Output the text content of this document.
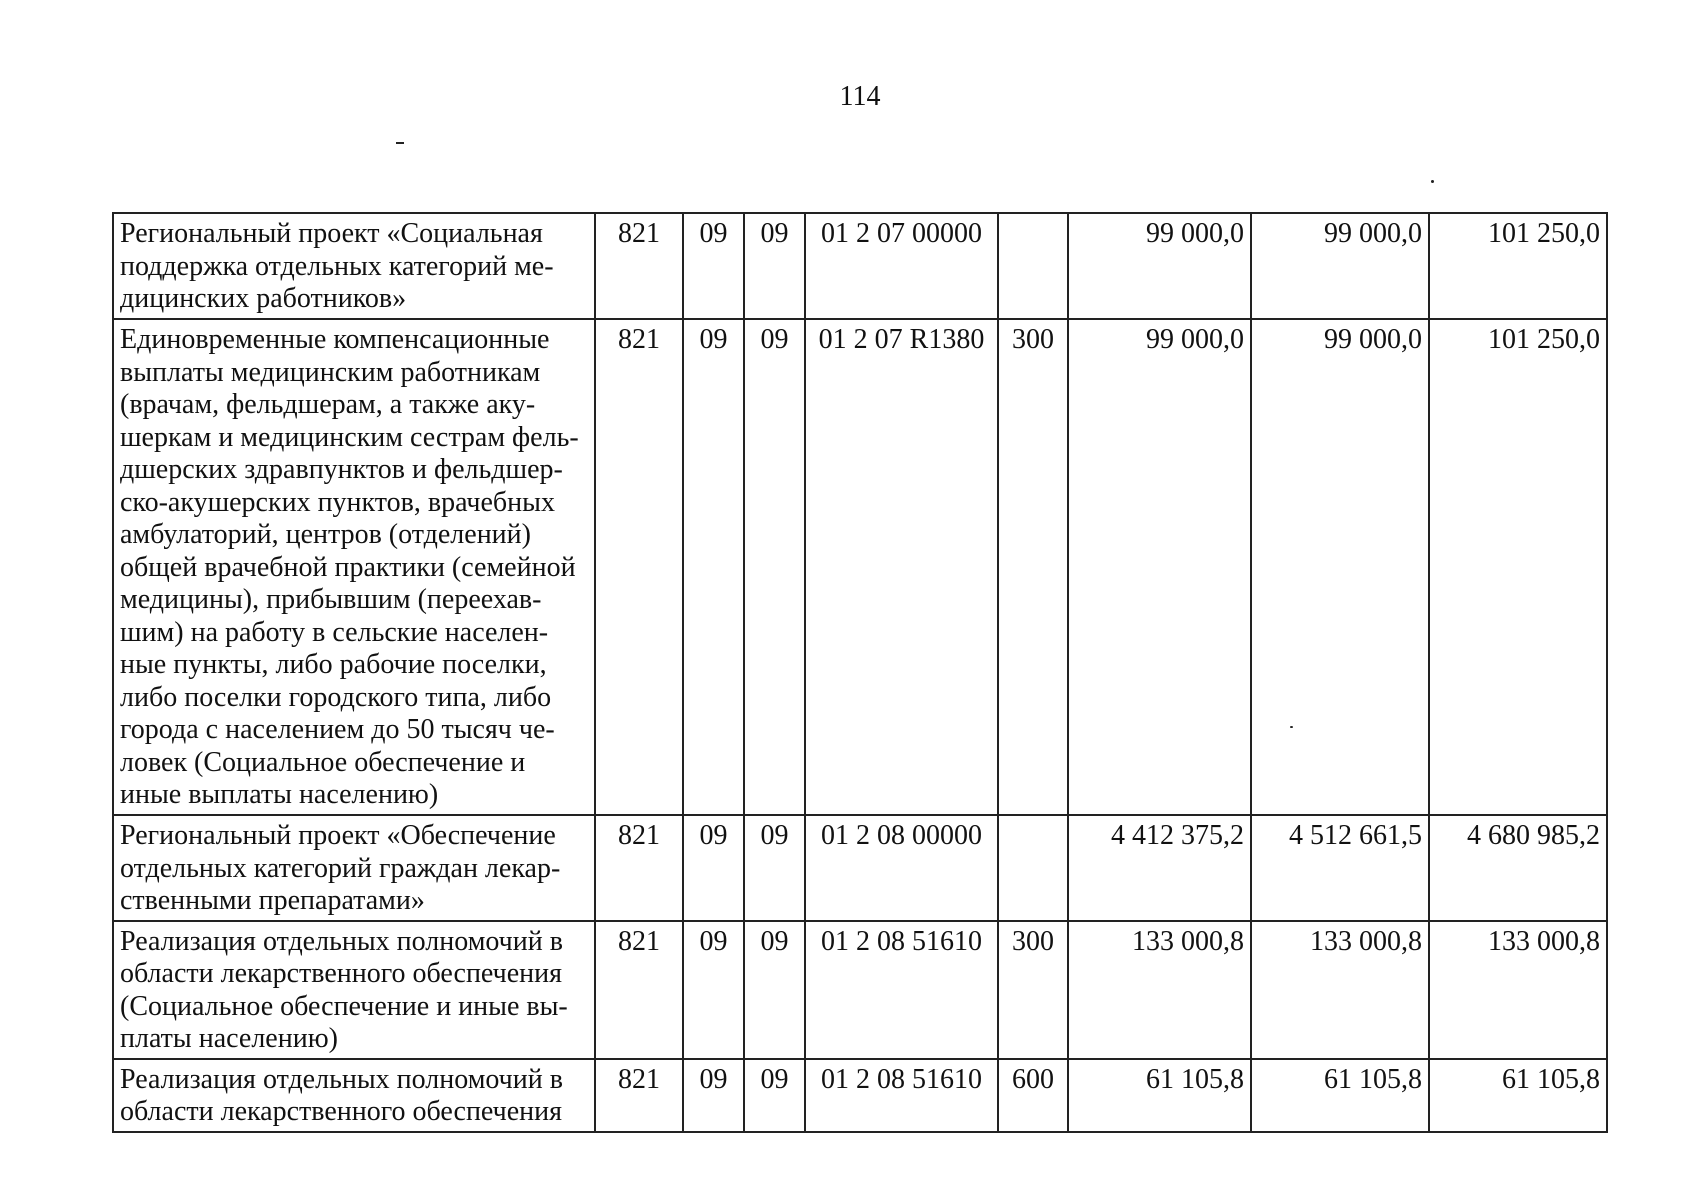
114
Региональный проект «Социальная поддержка отдельных категорий ме-дицинских работников»	821	09	09	01 2 07 00000		99 000,0	99 000,0	101 250,0
Единовременные компенсационные выплаты медицинским работникам (врачам, фельдшерам, а также аку-шеркам и медицинским сестрам фель-дшерских здравпунктов и фельдшер-ско-акушерских пунктов, врачебных амбулаторий, центров (отделений) общей врачебной практики (семейной медицины), прибывшим (переехав-шим) на работу в сельские населен-ные пункты, либо рабочие поселки, либо поселки городского типа, либо города с населением до 50 тысяч че-ловек (Социальное обеспечение и иные выплаты населению)	821	09	09	01 2 07 R1380	300	99 000,0	99 000,0	101 250,0
Региональный проект «Обеспечение отдельных категорий граждан лекар-ственными препаратами»	821	09	09	01 2 08 00000		4 412 375,2	4 512 661,5	4 680 985,2
Реализация отдельных полномочий в области лекарственного обеспечения (Социальное обеспечение и иные вы-платы населению)	821	09	09	01 2 08 51610	300	133 000,8	133 000,8	133 000,8
Реализация отдельных полномочий в области лекарственного обеспечения	821	09	09	01 2 08 51610	600	61 105,8	61 105,8	61 105,8
